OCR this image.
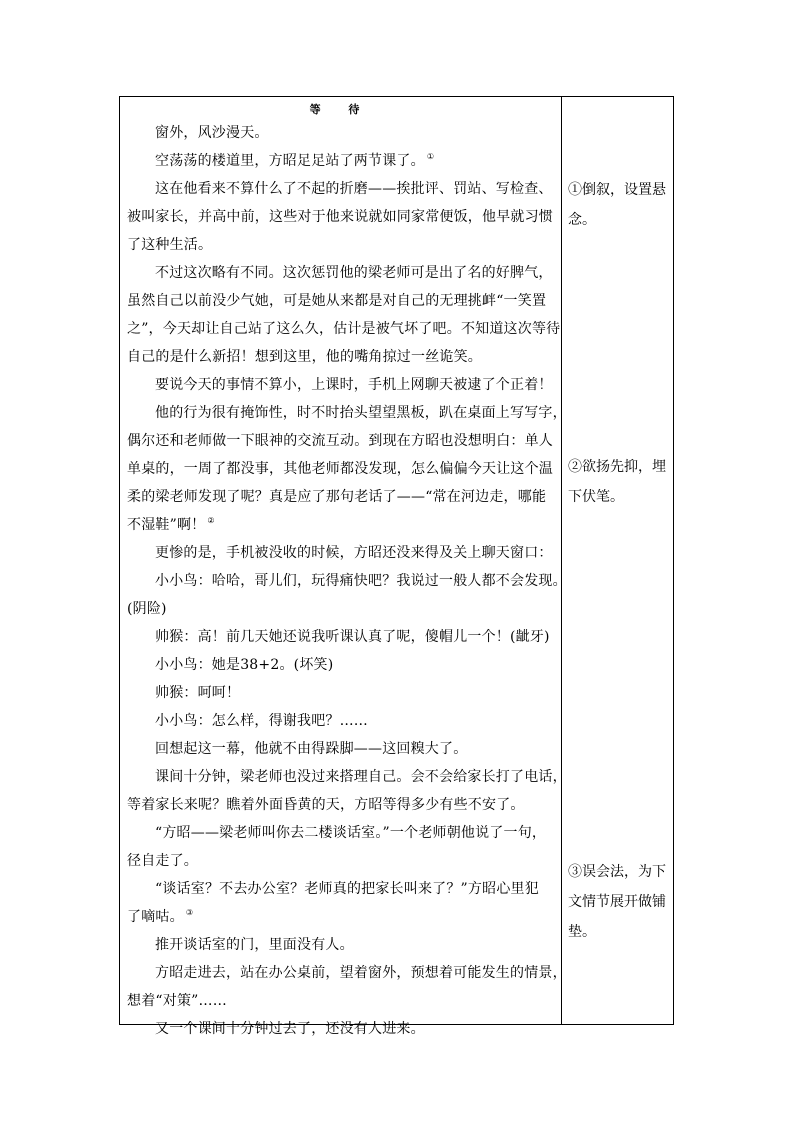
等 待
窗外，风沙漫天。
空荡荡的楼道里，方昭足足站了两节课了。 ①
这在他看来不算什么了不起的折磨——挨批评、罚站、写检查、
被叫家长，并高中前，这些对于他来说就如同家常便饭，他早就习惯
了这种生活。
不过这次略有不同。这次惩罚他的梁老师可是出了名的好脾气，
虽然自己以前没少气她，可是她从来都是对自己的无理挑衅“一笑置
之”，今天却让自己站了这么久，估计是被气坏了吧。不知道这次等待
自己的是什么新招！想到这里，他的嘴角掠过一丝诡笑。
要说今天的事情不算小，上课时，手机上网聊天被逮了个正着！
他的行为很有掩饰性，时不时抬头望望黑板，趴在桌面上写写字，
偶尔还和老师做一下眼神的交流互动。到现在方昭也没想明白：单人
单桌的，一周了都没事，其他老师都没发现，怎么偏偏今天让这个温
柔的梁老师发现了呢？真是应了那句老话了——“常在河边走，哪能
不湿鞋”啊！ ②
更惨的是，手机被没收的时候，方昭还没来得及关上聊天窗口：
小小鸟：哈哈，哥儿们，玩得痛快吧？我说过一般人都不会发现。
(阴险)
帅猴：高！前几天她还说我听课认真了呢，傻帽儿一个！(龇牙)
小小鸟：她是38+2。(坏笑)
帅猴：呵呵！
小小鸟：怎么样，得谢我吧？……
回想起这一幕，他就不由得跺脚——这回糗大了。
课间十分钟，梁老师也没过来搭理自己。会不会给家长打了电话，
等着家长来呢？瞧着外面昏黄的天，方昭等得多少有些不安了。
“方昭——梁老师叫你去二楼谈话室。”一个老师朝他说了一句，
径自走了。
“谈话室？不去办公室？老师真的把家长叫来了？”方昭心里犯
了嘀咕。 ③
推开谈话室的门，里面没有人。
方昭走进去，站在办公桌前，望着窗外，预想着可能发生的情景，
想着“对策”……
又一个课间十分钟过去了，还没有人进来。
①倒叙，设置悬念。
②欲扬先抑，埋下伏笔。
③误会法，为下文情节展开做铺垫。
